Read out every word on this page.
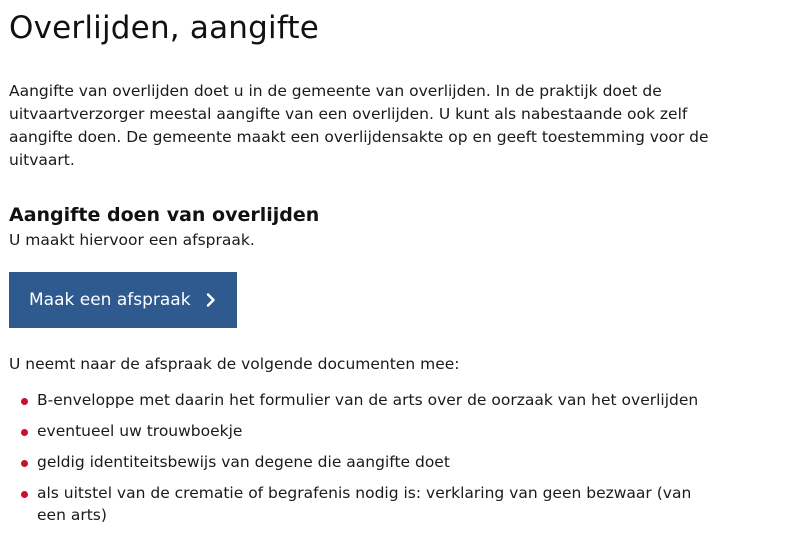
Overlijden, aangifte

Aangifte van overlijden doet u in de gemeente van overlijden. In de praktijk doet de uitvaartverzorger meestal aangifte van een overlijden. U kunt als nabestaande ook zelf aangifte doen. De gemeente maakt een overlijdensakte op en geeft toestemming voor de uitvaart.

Aangifte doen van overlijden

U maakt hiervoor een afspraak.

Maak een afspraak

U neemt naar de afspraak de volgende documenten mee:

B-enveloppe met daarin het formulier van de arts over de oorzaak van het overlijden
eventueel uw trouwboekje
geldig identiteitsbewijs van degene die aangifte doet
als uitstel van de crematie of begrafenis nodig is: verklaring van geen bezwaar (van een arts)
